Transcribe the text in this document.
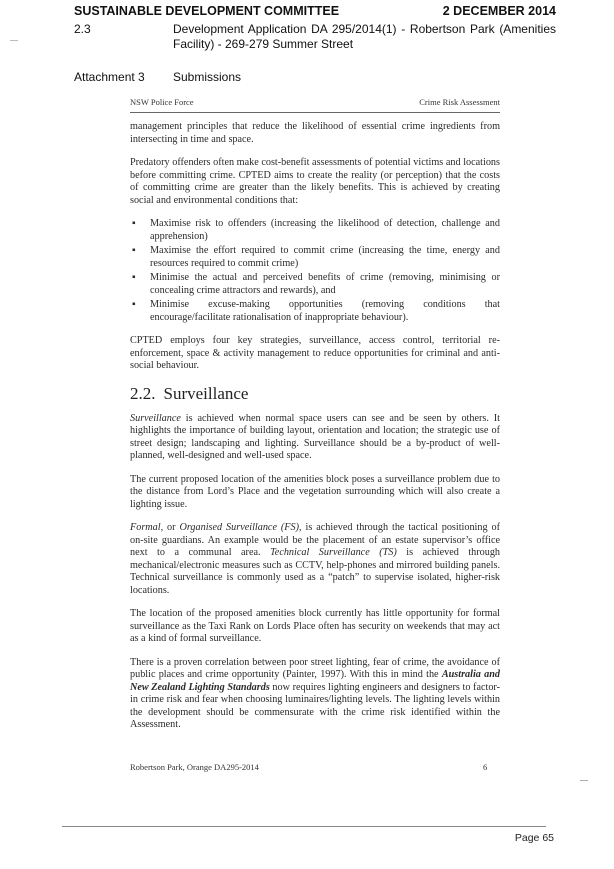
SUSTAINABLE DEVELOPMENT COMMITTEE	2 DECEMBER 2014
2.3	Development Application DA 295/2014(1) - Robertson Park (Amenities Facility) - 269-279 Summer Street
Attachment 3 Submissions
NSW Police Force	Crime Risk Assessment

management principles that reduce the likelihood of essential crime ingredients from intersecting in time and space.

Predatory offenders often make cost-benefit assessments of potential victims and locations before committing crime. CPTED aims to create the reality (or perception) that the costs of committing crime are greater than the likely benefits. This is achieved by creating social and environmental conditions that:

▪ Maximise risk to offenders (increasing the likelihood of detection, challenge and apprehension)
▪ Maximise the effort required to commit crime (increasing the time, energy and resources required to commit crime)
▪ Minimise the actual and perceived benefits of crime (removing, minimising or concealing crime attractors and rewards), and
▪ Minimise excuse-making opportunities (removing conditions that encourage/facilitate rationalisation of inappropriate behaviour).

CPTED employs four key strategies, surveillance, access control, territorial re-enforcement, space & activity management to reduce opportunities for criminal and anti-social behaviour.

2.2. Surveillance

Surveillance is achieved when normal space users can see and be seen by others. It highlights the importance of building layout, orientation and location; the strategic use of street design; landscaping and lighting. Surveillance should be a by-product of well-planned, well-designed and well-used space.

The current proposed location of the amenities block poses a surveillance problem due to the distance from Lord’s Place and the vegetation surrounding which will also create a lighting issue.

Formal, or Organised Surveillance (FS), is achieved through the tactical positioning of on-site guardians. An example would be the placement of an estate supervisor’s office next to a communal area. Technical Surveillance (TS) is achieved through mechanical/electronic measures such as CCTV, help-phones and mirrored building panels. Technical surveillance is commonly used as a “patch” to supervise isolated, higher-risk locations.

The location of the proposed amenities block currently has little opportunity for formal surveillance as the Taxi Rank on Lords Place often has security on weekends that may act as a kind of formal surveillance.

There is a proven correlation between poor street lighting, fear of crime, the avoidance of public places and crime opportunity (Painter, 1997). With this in mind the Australia and New Zealand Lighting Standards now requires lighting engineers and designers to factor-in crime risk and fear when choosing luminaires/lighting levels. The lighting levels within the development should be commensurate with the crime risk identified within the Assessment.

Robertson Park, Orange DA295-2014	6
Page 65
